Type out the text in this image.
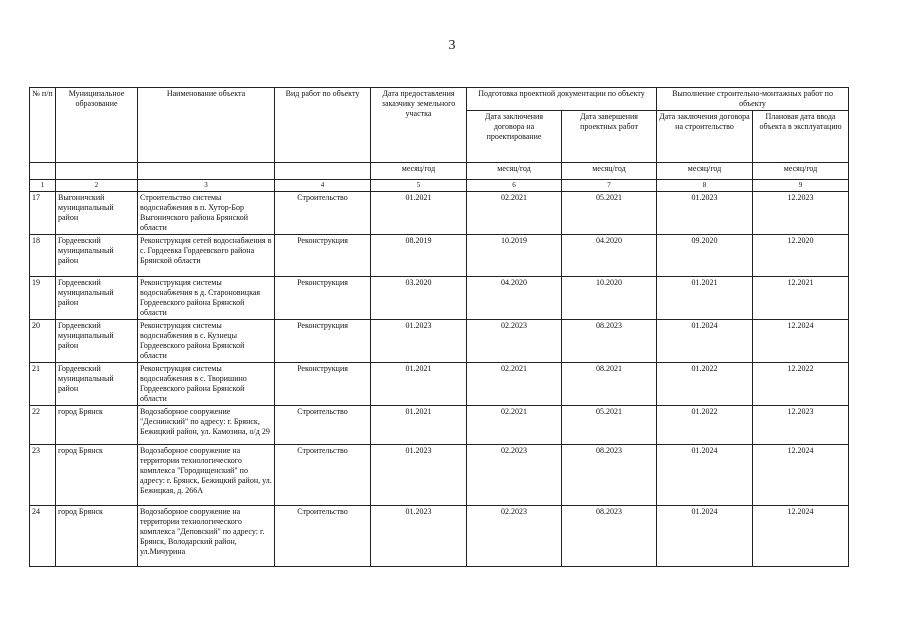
3
№ п/п	Муниципальное образование	Наименование объекта	Вид работ по объекту	Дата предоставления заказчику земельного участка	Подготовка проектной документации по объекту		Выполнение строительно-монтажных работ по объекту	
					Дата заключения договора на проектирование	Дата завершения проектных работ	Дата заключения договора на строительство	Плановая дата ввода объекта в эксплуатацию
				месяц/год	месяц/год	месяц/год	месяц/год	месяц/год
1	2	3	4	5	6	7	8	9
17	Выгоничский муниципальный район	Строительство системы водоснабжения в п. Хутор-Бор Выгоничского района Брянской области	Строительство	01.2021	02.2021	05.2021	01.2023	12.2023
18	Гордеевский муниципальный район	Реконструкция сетей водоснабжения в с. Гордеевка Гордеевского района Брянской области	Реконструкция	08.2019	10.2019	04.2020	09.2020	12.2020
19	Гордеевский муниципальный район	Реконструкция системы водоснабжения в д. Староновицкая Гордеевского района Брянской области	Реконструкция	03.2020	04.2020	10.2020	01.2021	12.2021
20	Гордеевский муниципальный район	Реконструкция системы водоснабжения в с. Кузнецы Гордеевского района Брянской области	Реконструкция	01.2023	02.2023	08.2023	01.2024	12.2024
21	Гордеевский муниципальный район	Реконструкция системы водоснабжения в с. Творишино Гордеевского района Брянской области	Реконструкция	01.2021	02.2021	08.2021	01.2022	12.2022
22	город Брянск	Водозаборное сооружение "Деснинский" по адресу: г. Брянск, Бежицкий район, ул. Камозина, о/д 29	Строительство	01.2021	02.2021	05.2021	01.2022	12.2023
23	город Брянск	Водозаборное сооружение на территории технологического комплекса "Городищенский" по адресу: г. Брянск, Бежицкий район, ул. Бежицкая, д. 266А	Строительство	01.2023	02.2023	08.2023	01.2024	12.2024
24	город Брянск	Водозаборное сооружение на территории технологического комплекса "Деповский" по адресу: г. Брянск, Володарский район, ул.Мичурина	Строительство	01.2023	02.2023	08.2023	01.2024	12.2024
